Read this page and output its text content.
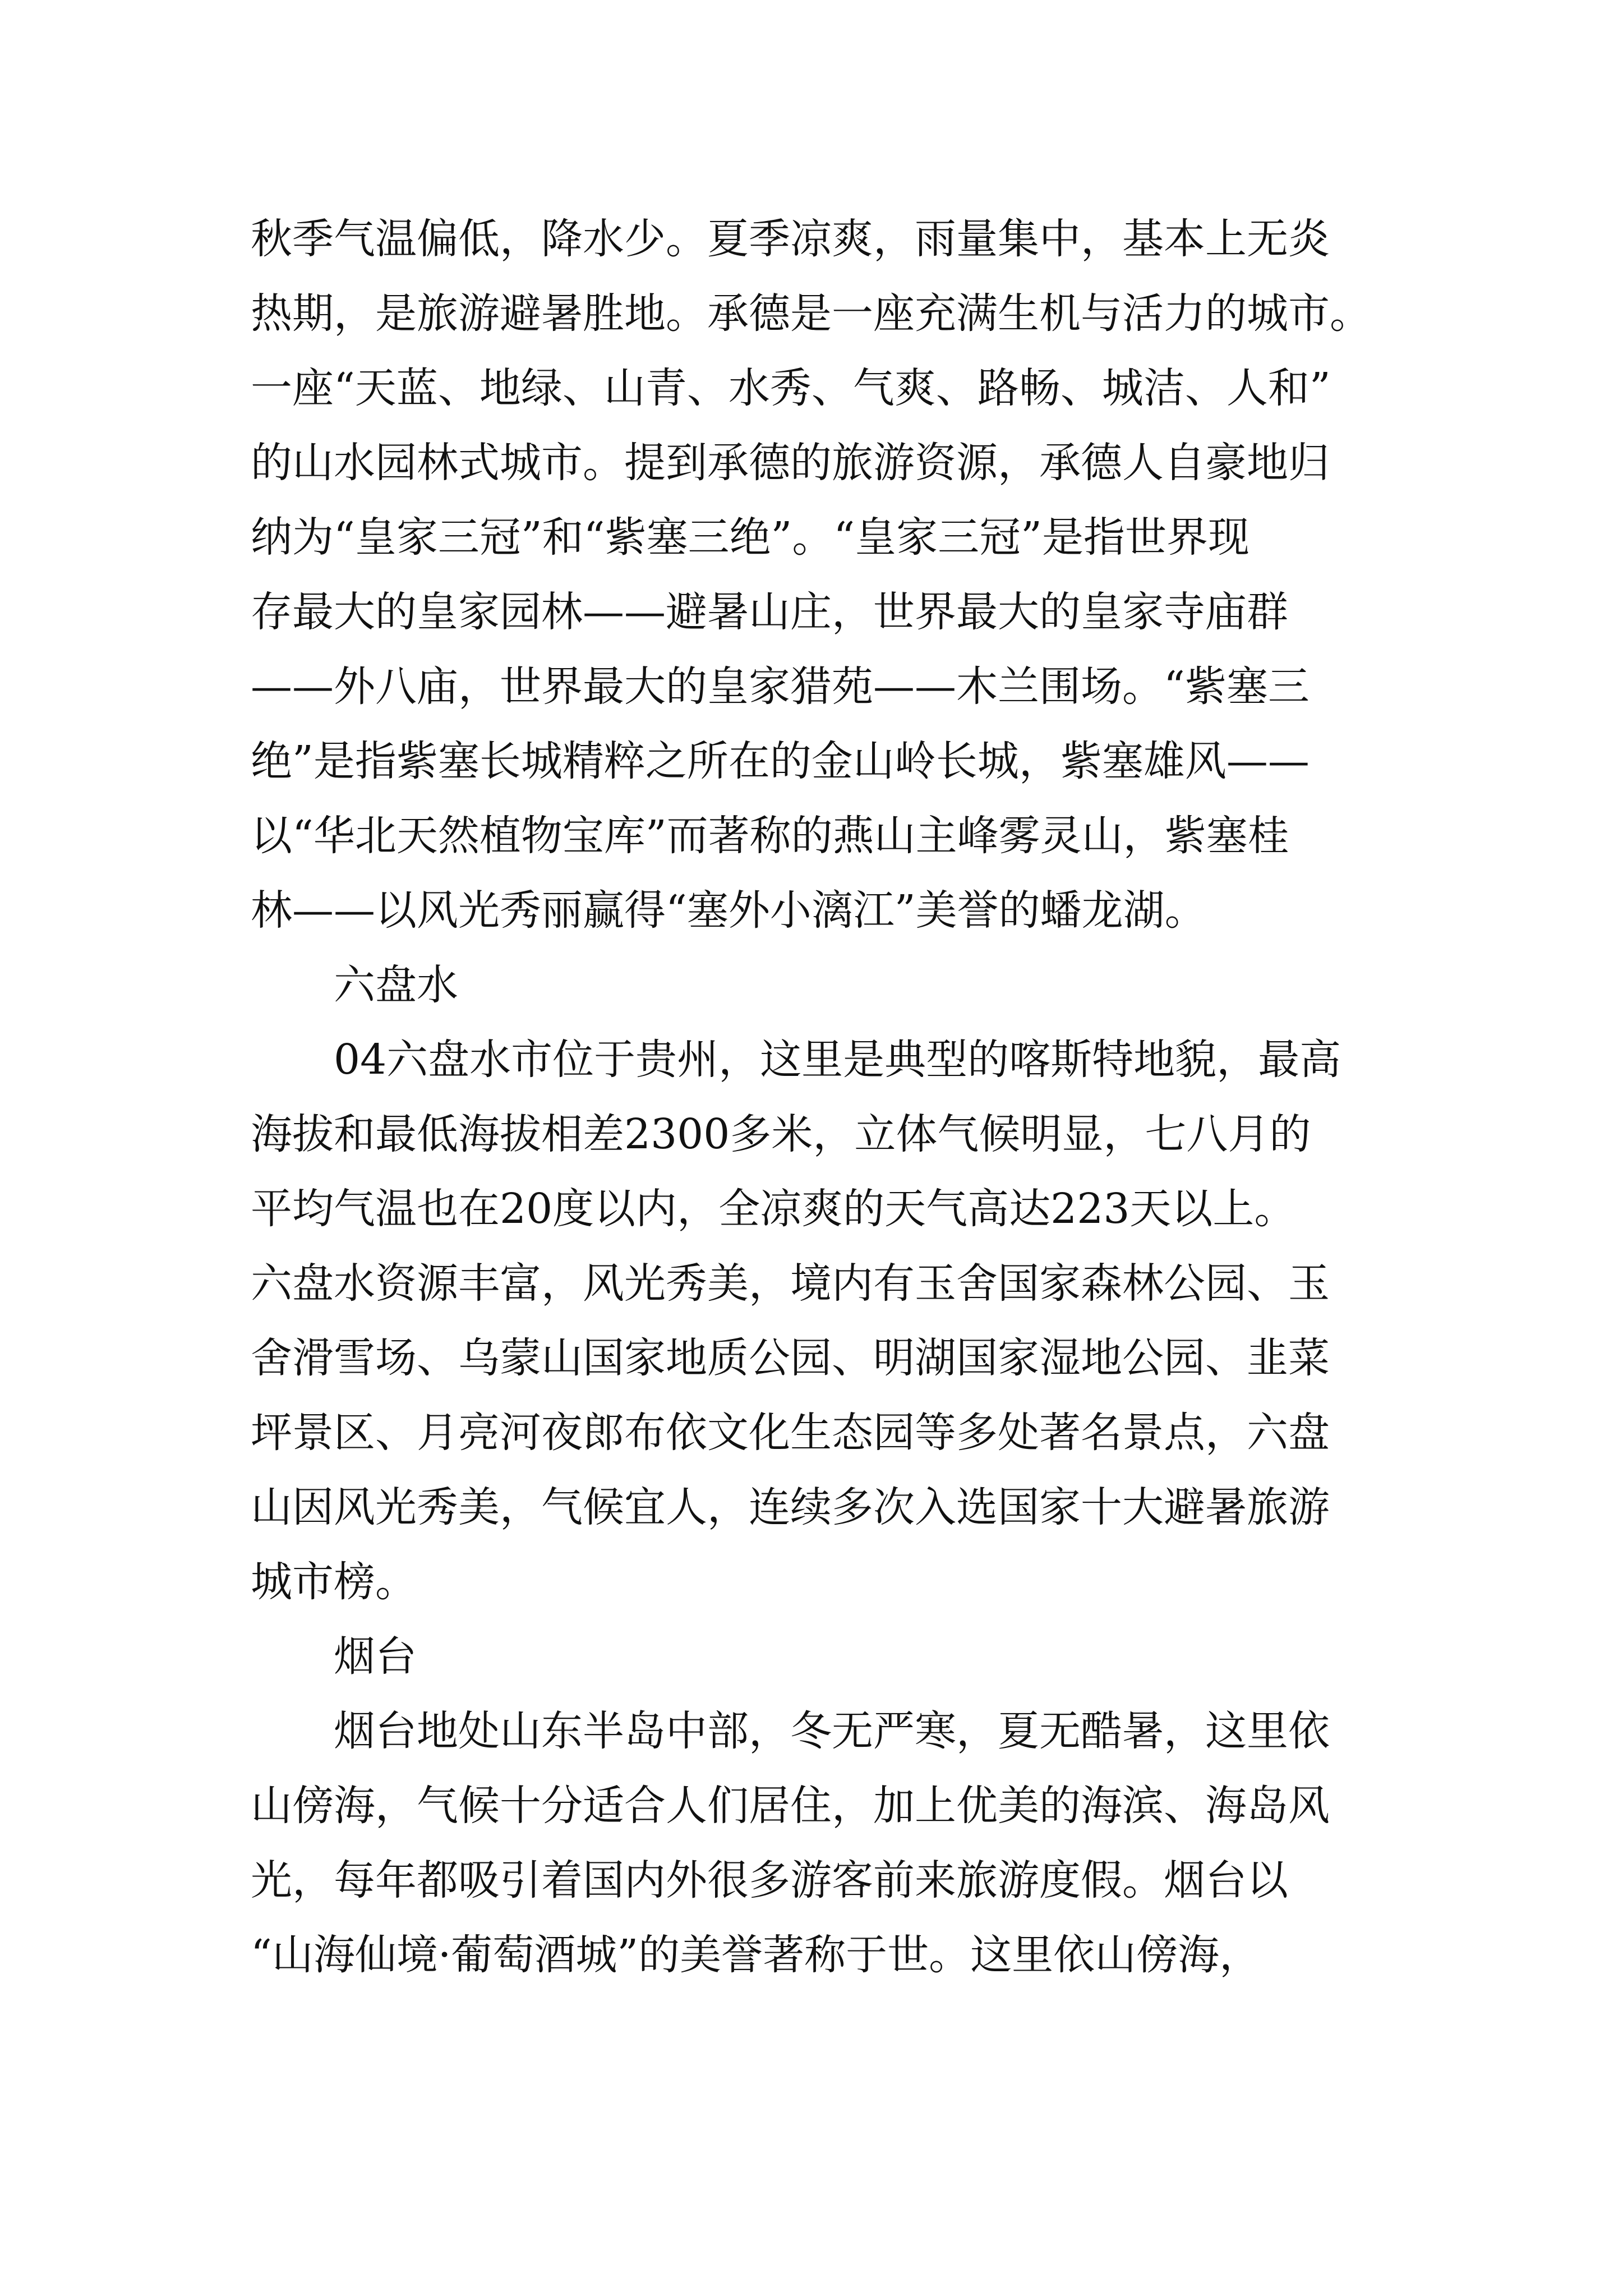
秋季气温偏低，降水少。夏季凉爽，雨量集中，基本上无炎
热期，是旅游避暑胜地。承德是一座充满生机与活力的城市。
一座“天蓝、地绿、山青、水秀、气爽、路畅、城洁、人和”
的山水园林式城市。提到承德的旅游资源，承德人自豪地归
纳为“皇家三冠”和“紫塞三绝”。“皇家三冠”是指世界现
存最大的皇家园林——避暑山庄，世界最大的皇家寺庙群
——外八庙，世界最大的皇家猎苑——木兰围场。“紫塞三
绝”是指紫塞长城精粹之所在的金山岭长城，紫塞雄风——
以“华北天然植物宝库”而著称的燕山主峰雾灵山，紫塞桂
林——以风光秀丽赢得“塞外小漓江”美誉的蟠龙湖。
六盘水
04六盘水市位于贵州，这里是典型的喀斯特地貌，最高
海拔和最低海拔相差2300多米，立体气候明显，七八月的
平均气温也在20度以内，全凉爽的天气高达223天以上。
六盘水资源丰富，风光秀美，境内有玉舍国家森林公园、玉
舍滑雪场、乌蒙山国家地质公园、明湖国家湿地公园、韭菜
坪景区、月亮河夜郎布依文化生态园等多处著名景点，六盘
山因风光秀美，气候宜人，连续多次入选国家十大避暑旅游
城市榜。
烟台
烟台地处山东半岛中部，冬无严寒，夏无酷暑，这里依
山傍海，气候十分适合人们居住，加上优美的海滨、海岛风
光，每年都吸引着国内外很多游客前来旅游度假。烟台以
“山海仙境·葡萄酒城”的美誉著称于世。这里依山傍海，
